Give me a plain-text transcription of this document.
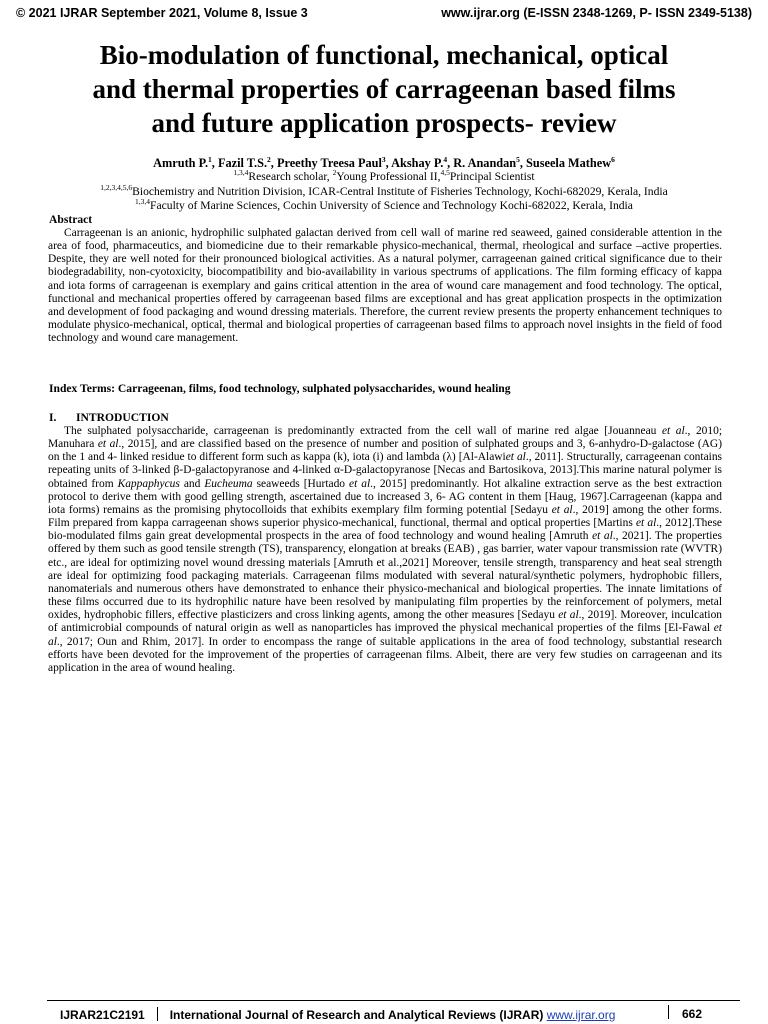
© 2021 IJRAR September 2021, Volume 8, Issue 3	www.ijrar.org (E-ISSN 2348-1269, P- ISSN 2349-5138)
Bio-modulation of functional, mechanical, optical
and thermal properties of carrageenan based films
and future application prospects- review
Amruth P.$^1$, Fazil T.S.$^2$, Preethy Treesa Paul$^3$, Akshay P.$^4$, R. Anandan$^5$, Suseela Mathew$^6$
$^{1,3,4}$Research scholar, $^2$Young Professional II,$^{4,5}$Principal Scientist
$^{1,2,3,4,5,6}$Biochemistry and Nutrition Division, ICAR-Central Institute of Fisheries Technology, Kochi-682029, Kerala, India
$^{1,3,4}$Faculty of Marine Sciences, Cochin University of Science and Technology Kochi-682022, Kerala, India
Abstract

Carrageenan is an anionic, hydrophilic sulphated galactan derived from cell wall of marine red seaweed, gained considerable attention in the area of food, pharmaceutics, and biomedicine due to their remarkable physico-mechanical, thermal, rheological and surface –active properties. Despite, they are well noted for their pronounced biological activities. As a natural polymer, carrageenan gained critical significance due to their biodegradability, non-cyotoxicity, biocompatibility and bio-availability in various spectrums of applications. The film forming efficacy of kappa and iota forms of carrageenan is exemplary and gains critical attention in the area of wound care management and food technology. The optical, functional and mechanical properties offered by carrageenan based films are exceptional and has great application prospects in the optimization and development of food packaging and wound dressing materials. Therefore, the current review presents the property enhancement techniques to modulate physico-mechanical, optical, thermal and biological properties of carrageenan based films to approach novel insights in the field of food technology and wound care management.

Index Terms: Carrageenan, films, food technology, sulphated polysaccharides, wound healing
I. INTRODUCTION

The sulphated polysaccharide, carrageenan is predominantly extracted from the cell wall of marine red algae [Jouanneau et al., 2010; Manuhara et al., 2015], and are classified based on the presence of number and position of sulphated groups and 3, 6-anhydro-D-galactose (AG) on the 1 and 4- linked residue to different form such as kappa (k), iota (i) and lambda (λ) [Al-Alawiet al., 2011]. Structurally, carrageenan contains repeating units of 3-linked β-D-galactopyranose and 4-linked α-D-galactopyranose [Necas and Bartosikova, 2013].This marine natural polymer is obtained from Kappaphycus and Eucheuma seaweeds [Hurtado et al., 2015] predominantly. Hot alkaline extraction serve as the best extraction protocol to derive them with good gelling strength, ascertained due to increased 3, 6- AG content in them [Haug, 1967].Carrageenan (kappa and iota forms) remains as the promising phytocolloids that exhibits exemplary film forming potential [Sedayu et al., 2019] among the other forms. Film prepared from kappa carrageenan shows superior physico-mechanical, functional, thermal and optical properties [Martins et al., 2012].These bio-modulated films gain great developmental prospects in the area of food technology and wound healing [Amruth et al., 2021]. The properties offered by them such as good tensile strength (TS), transparency, elongation at breaks (EAB) , gas barrier, water vapour transmission rate (WVTR) etc., are ideal for optimizing novel wound dressing materials [Amruth et al.,2021] Moreover, tensile strength, transparency and heat seal strength are ideal for optimizing food packaging materials. Carrageenan films modulated with several natural/synthetic polymers, hydrophobic fillers, nanomaterials and numerous others have demonstrated to enhance their physico-mechanical and biological properties. The innate limitations of these films occurred due to its hydrophilic nature have been resolved by manipulating film properties by the reinforcement of polymers, metal oxides, hydrophobic fillers, effective plasticizers and cross linking agents, among the other measures [Sedayu et al., 2019]. Moreover, inculcation of antimicrobial compounds of natural origin as well as nanoparticles has improved the physical mechanical properties of the films [El-Fawal et al., 2017; Oun and Rhim, 2017]. In order to encompass the range of suitable applications in the area of food technology, substantial research efforts have been devoted for the improvement of the properties of carrageenan films. Albeit, there are very few studies on carrageenan and its application in the area of wound healing.

IJRAR21C2191 International Journal of Research and Analytical Reviews (IJRAR) www.ijrar.org	662
